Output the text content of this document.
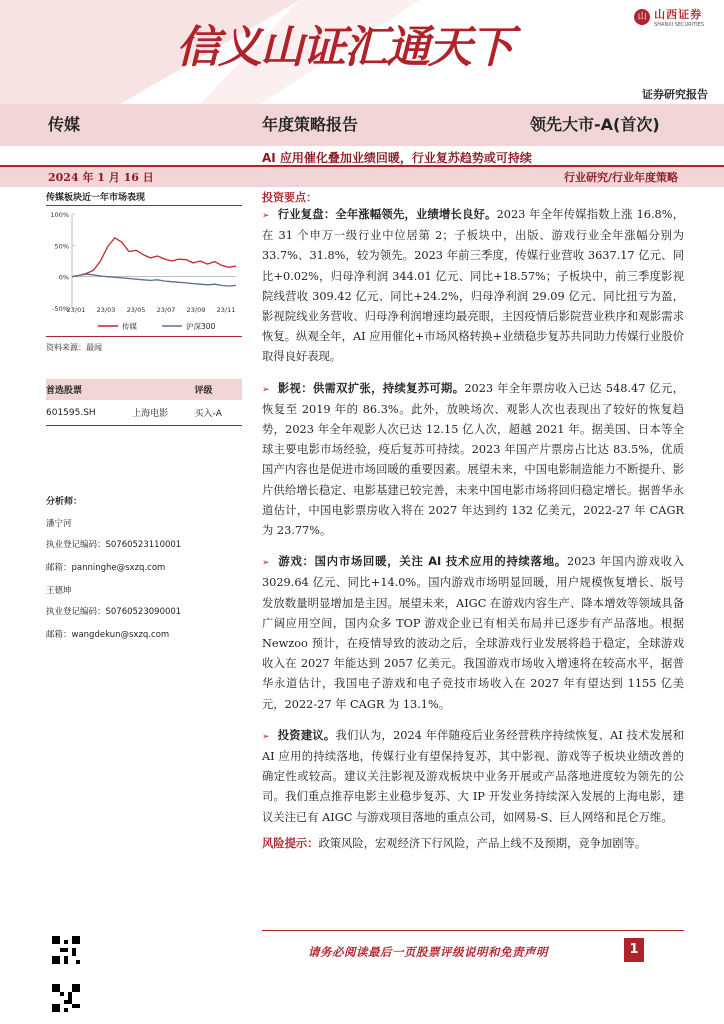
信义山证汇通天下
山 山西证券
SHANXI SECURITIES
证券研究报告
传媒	年度策略报告	领先大市-A(首次)
AI 应用催化叠加业绩回暖，行业复苏趋势或可持续
2024 年 1 月 16 日	行业研究/行业年度策略
传媒板块近一年市场表现
100%
50%
0%
-50%
23/01 23/03 23/05 23/07 23/09 23/11
传媒	沪深300
资料来源：最闻
首选股票		评级
601595.SH	上海电影	买入-A
分析师：

潘宁河

执业登记编码：S0760523110001

邮箱：panninghe@sxzq.com

王德坤

执业登记编码：S0760523090001

邮箱：wangdekun@sxzq.com

投资要点：
➢ 行业复盘：全年涨幅领先，业绩增长良好。2023 年全年传媒指数上涨 16.8%，在 31 个申万一级行业中位居第 2；子板块中，出版、游戏行业全年涨幅分别为 33.7%、31.8%，较为领先。2023 年前三季度，传媒行业营收 3637.17 亿元、同比+0.02%，归母净利润 344.01 亿元、同比+18.57%；子板块中，前三季度影视院线营收 309.42 亿元、同比+24.2%，归母净利润 29.09 亿元、同比扭亏为盈，影视院线业务营收、归母净利润增速均最亮眼，主因疫情后影院营业秩序和观影需求恢复。纵观全年，AI 应用催化+市场风格转换+业绩稳步复苏共同助力传媒行业股价取得良好表现。
➢ 影视：供需双扩张，持续复苏可期。2023 年全年票房收入已达 548.47 亿元，恢复至 2019 年的 86.3%。此外，放映场次、观影人次也表现出了较好的恢复趋势，2023 年全年观影人次已达 12.15 亿人次，超越 2021 年。据美国、日本等全球主要电影市场经验，疫后复苏可持续。2023 年国产片票房占比达 83.5%，优质国产内容也是促进市场回暖的重要因素。展望未来，中国电影制造能力不断提升、影片供给增长稳定、电影基建已较完善，未来中国电影市场将回归稳定增长。据普华永道估计，中国电影票房收入将在 2027 年达到约 132 亿美元，2022-27 年 CAGR 为 23.77%。
➢ 游戏：国内市场回暖，关注 AI 技术应用的持续落地。2023 年国内游戏收入 3029.64 亿元、同比+14.0%。国内游戏市场明显回暖，用户规模恢复增长、版号发放数量明显增加是主因。展望未来，AIGC 在游戏内容生产、降本增效等领域具备广阔应用空间，国内众多 TOP 游戏企业已有相关布局并已逐步有产品落地。根据 Newzoo 预计，在疫情导致的波动之后，全球游戏行业发展将趋于稳定，全球游戏收入在 2027 年能达到 2057 亿美元。我国游戏市场收入增速将在较高水平，据普华永道估计，我国电子游戏和电子竞技市场收入在 2027 年有望达到 1155 亿美元，2022-27 年 CAGR 为 13.1%。
➢ 投资建议。我们认为，2024 年伴随疫后业务经营秩序持续恢复、AI 技术发展和 AI 应用的持续落地，传媒行业有望保持复苏，其中影视、游戏等子板块业绩改善的确定性或较高。建议关注影视及游戏板块中业务开展或产品落地进度较为领先的公司。我们重点推荐电影主业稳步复苏、大 IP 开发业务持续深入发展的上海电影，建议关注已有 AIGC 与游戏项目落地的重点公司，如网易-S、巨人网络和昆仑万维。
风险提示：政策风险，宏观经济下行风险，产品上线不及预期，竞争加剧等。
请务必阅读最后一页股票评级说明和免责声明	1
